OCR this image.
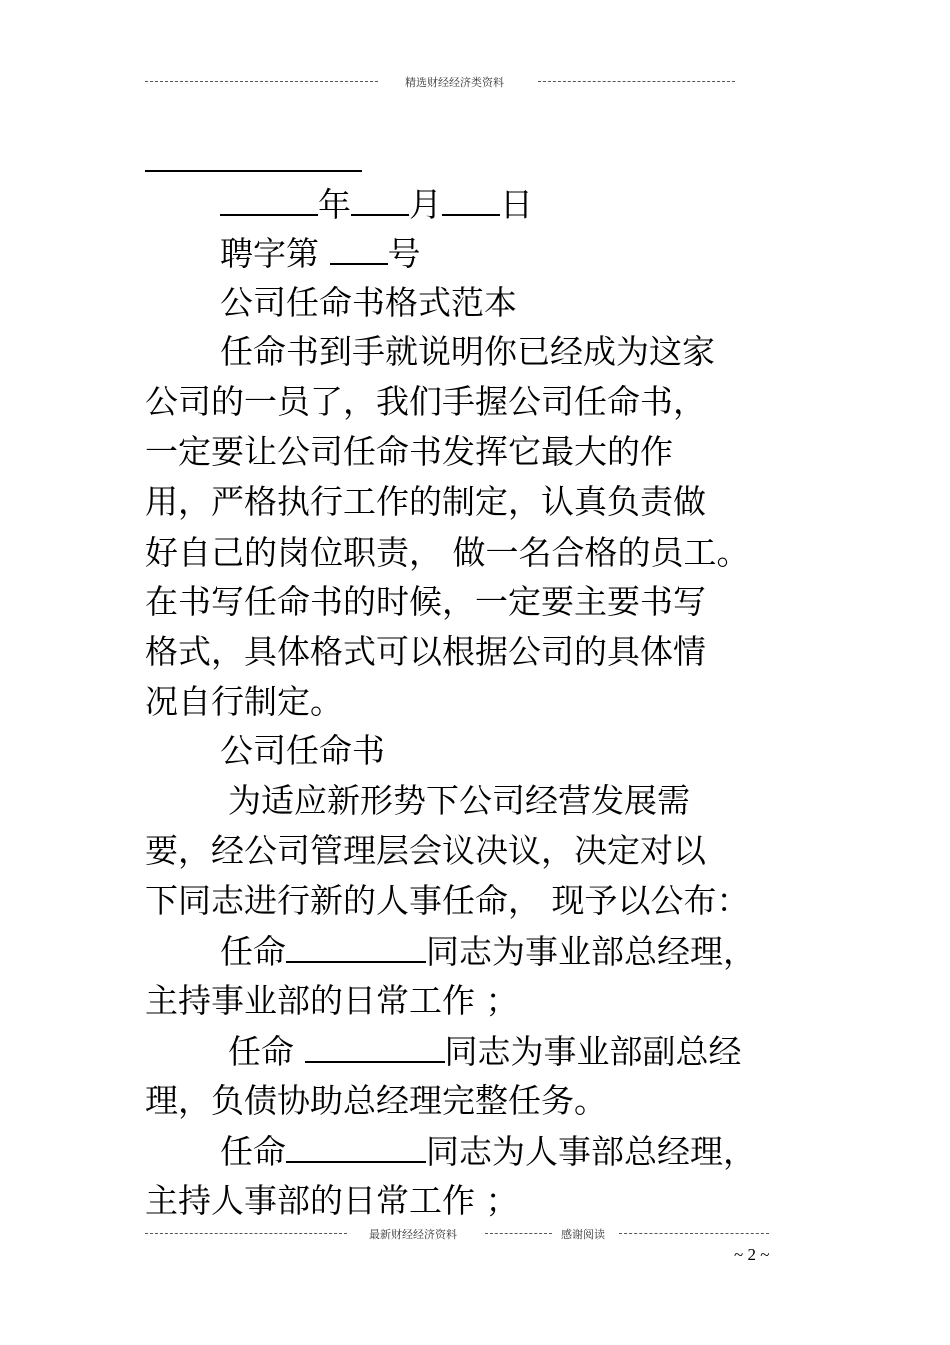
精选财经经济类资料
年 月 日
聘字第 号
公司任命书格式范本
任命书到手就说明你已经成为这家
公司的一员了，我们手握公司任命书，
一定要让公司任命书发挥它最大的作
用，严格执行工作的制定，认真负责做
好自己的岗位职责， 做一名合格的员工。
在书写任命书的时候，一定要主要书写
格式，具体格式可以根据公司的具体情
况自行制定。
公司任命书
为适应新形势下公司经营发展需
要，经公司管理层会议决议，决定对以
下同志进行新的人事任命， 现予以公布：
任命	同志为事业部总经理，
主持事业部的日常工作 ；
任命	同志为事业部副总经
理，负债协助总经理完整任务。
任命	同志为人事部总经理，
主持人事部的日常工作 ；
最新财经经济资料	感谢阅读
~ 2 ~
